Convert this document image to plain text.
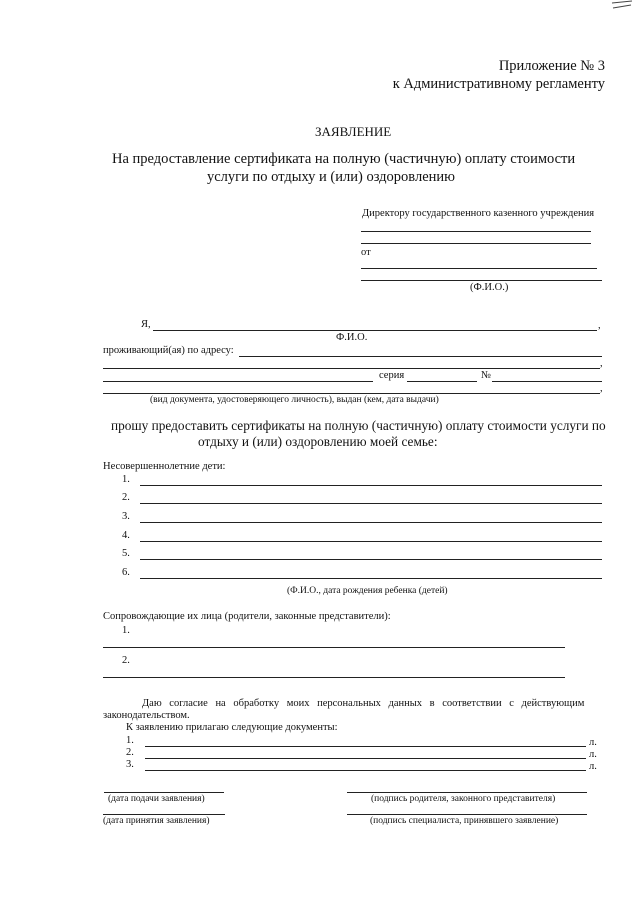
Приложение № 3
к Административному регламенту
ЗАЯВЛЕНИЕ
На предоставление сертификата на полную (частичную) оплату стоимости
услуги по отдыху и (или) оздоровлению
Директору государственного казенного учреждения
от
(Ф.И.О.)
Я,	,
Ф.И.О.
проживающий(ая) по адресу:
,
серия	№
,
(вид документа, удостоверяющего личность), выдан (кем, дата выдачи)
прошу предоставить сертификаты на полную (частичную) оплату стоимости услуги по
отдыху и (или) оздоровлению моей семье:
Несовершеннолетние дети:
1.
2.
3.
4.
5.
6.
(Ф.И.О., дата рождения ребенка (детей)
Сопровождающие их лица (родители, законные представители):
1.
2.
Даю согласие на обработку моих персональных данных в соответствии с действующим
законодательством.
К заявлению прилагаю следующие документы:
1.	л.
2.	л.
3.	л.
(дата подачи заявления)	(подпись родителя, законного представителя)
(дата принятия заявления)	(подпись специалиста, принявшего заявление)
